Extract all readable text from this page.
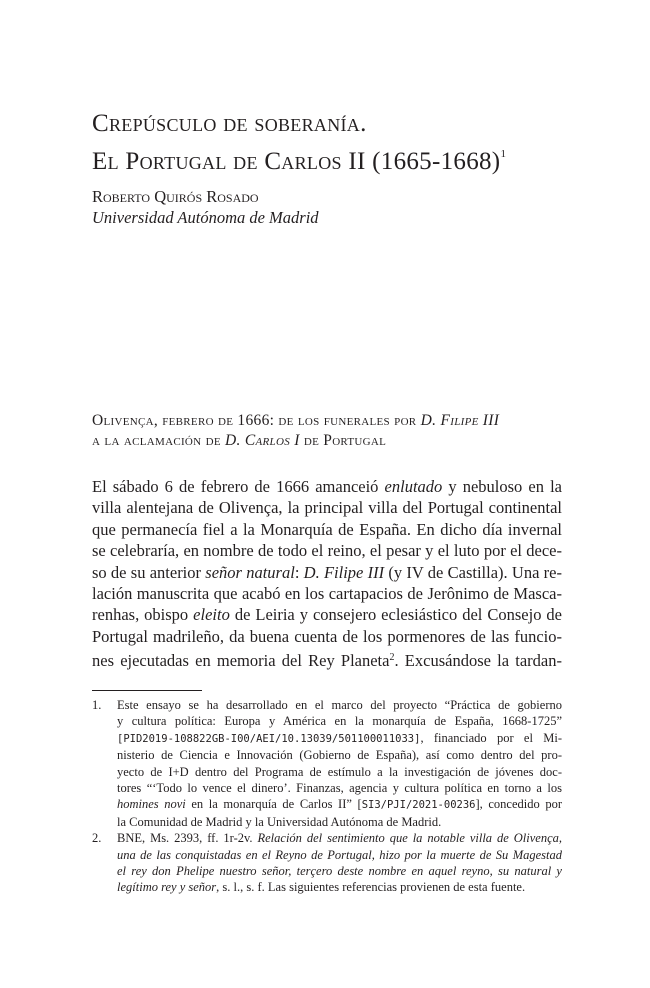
Crepúsculo de soberanía.
El Portugal de Carlos II (1665-1668)$^1$
Roberto Quirós Rosado
Universidad Autónoma de Madrid
Olivença, febrero de 1666: de los funerales por D. Filipe III
a la aclamación de D. Carlos I de Portugal
El sábado 6 de febrero de 1666 amanceió enlutado y nebuloso en la
villa alentejana de Olivença, la principal villa del Portugal continental
que permanecía fiel a la Monarquía de España. En dicho día invernal
se celebraría, en nombre de todo el reino, el pesar y el luto por el dece-
so de su anterior señor natural: D. Filipe III (y IV de Castilla). Una re-
lación manuscrita que acabó en los cartapacios de Jerônimo de Masca-
renhas, obispo eleito de Leiria y consejero eclesiástico del Consejo de
Portugal madrileño, da buena cuenta de los pormenores de las funcio-
nes ejecutadas en memoria del Rey Planeta$^2$. Excusándose la tardan-
1. Este ensayo se ha desarrollado en el marco del proyecto “Práctica de gobierno
y cultura política: Europa y América en la monarquía de España, 1668-1725”
[PID2019-108822GB-I00/AEI/10.13039/501100011033], financiado por el Mi-
nisterio de Ciencia e Innovación (Gobierno de España), así como dentro del pro-
yecto de I+D dentro del Programa de estímulo a la investigación de jóvenes doc-
tores “‘Todo lo vence el dinero’. Finanzas, agencia y cultura política en torno a los
homines novi en la monarquía de Carlos II” [SI3/PJI/2021-00236], concedido por
la Comunidad de Madrid y la Universidad Autónoma de Madrid.
2. BNE, Ms. 2393, ff. 1r-2v. Relación del sentimiento que la notable villa de Olivença,
una de las conquistadas en el Reyno de Portugal, hizo por la muerte de Su Magestad
el rey don Phelipe nuestro señor, terçero deste nombre en aquel reyno, su natural y
legítimo rey y señor, s. l., s. f. Las siguientes referencias provienen de esta fuente.
